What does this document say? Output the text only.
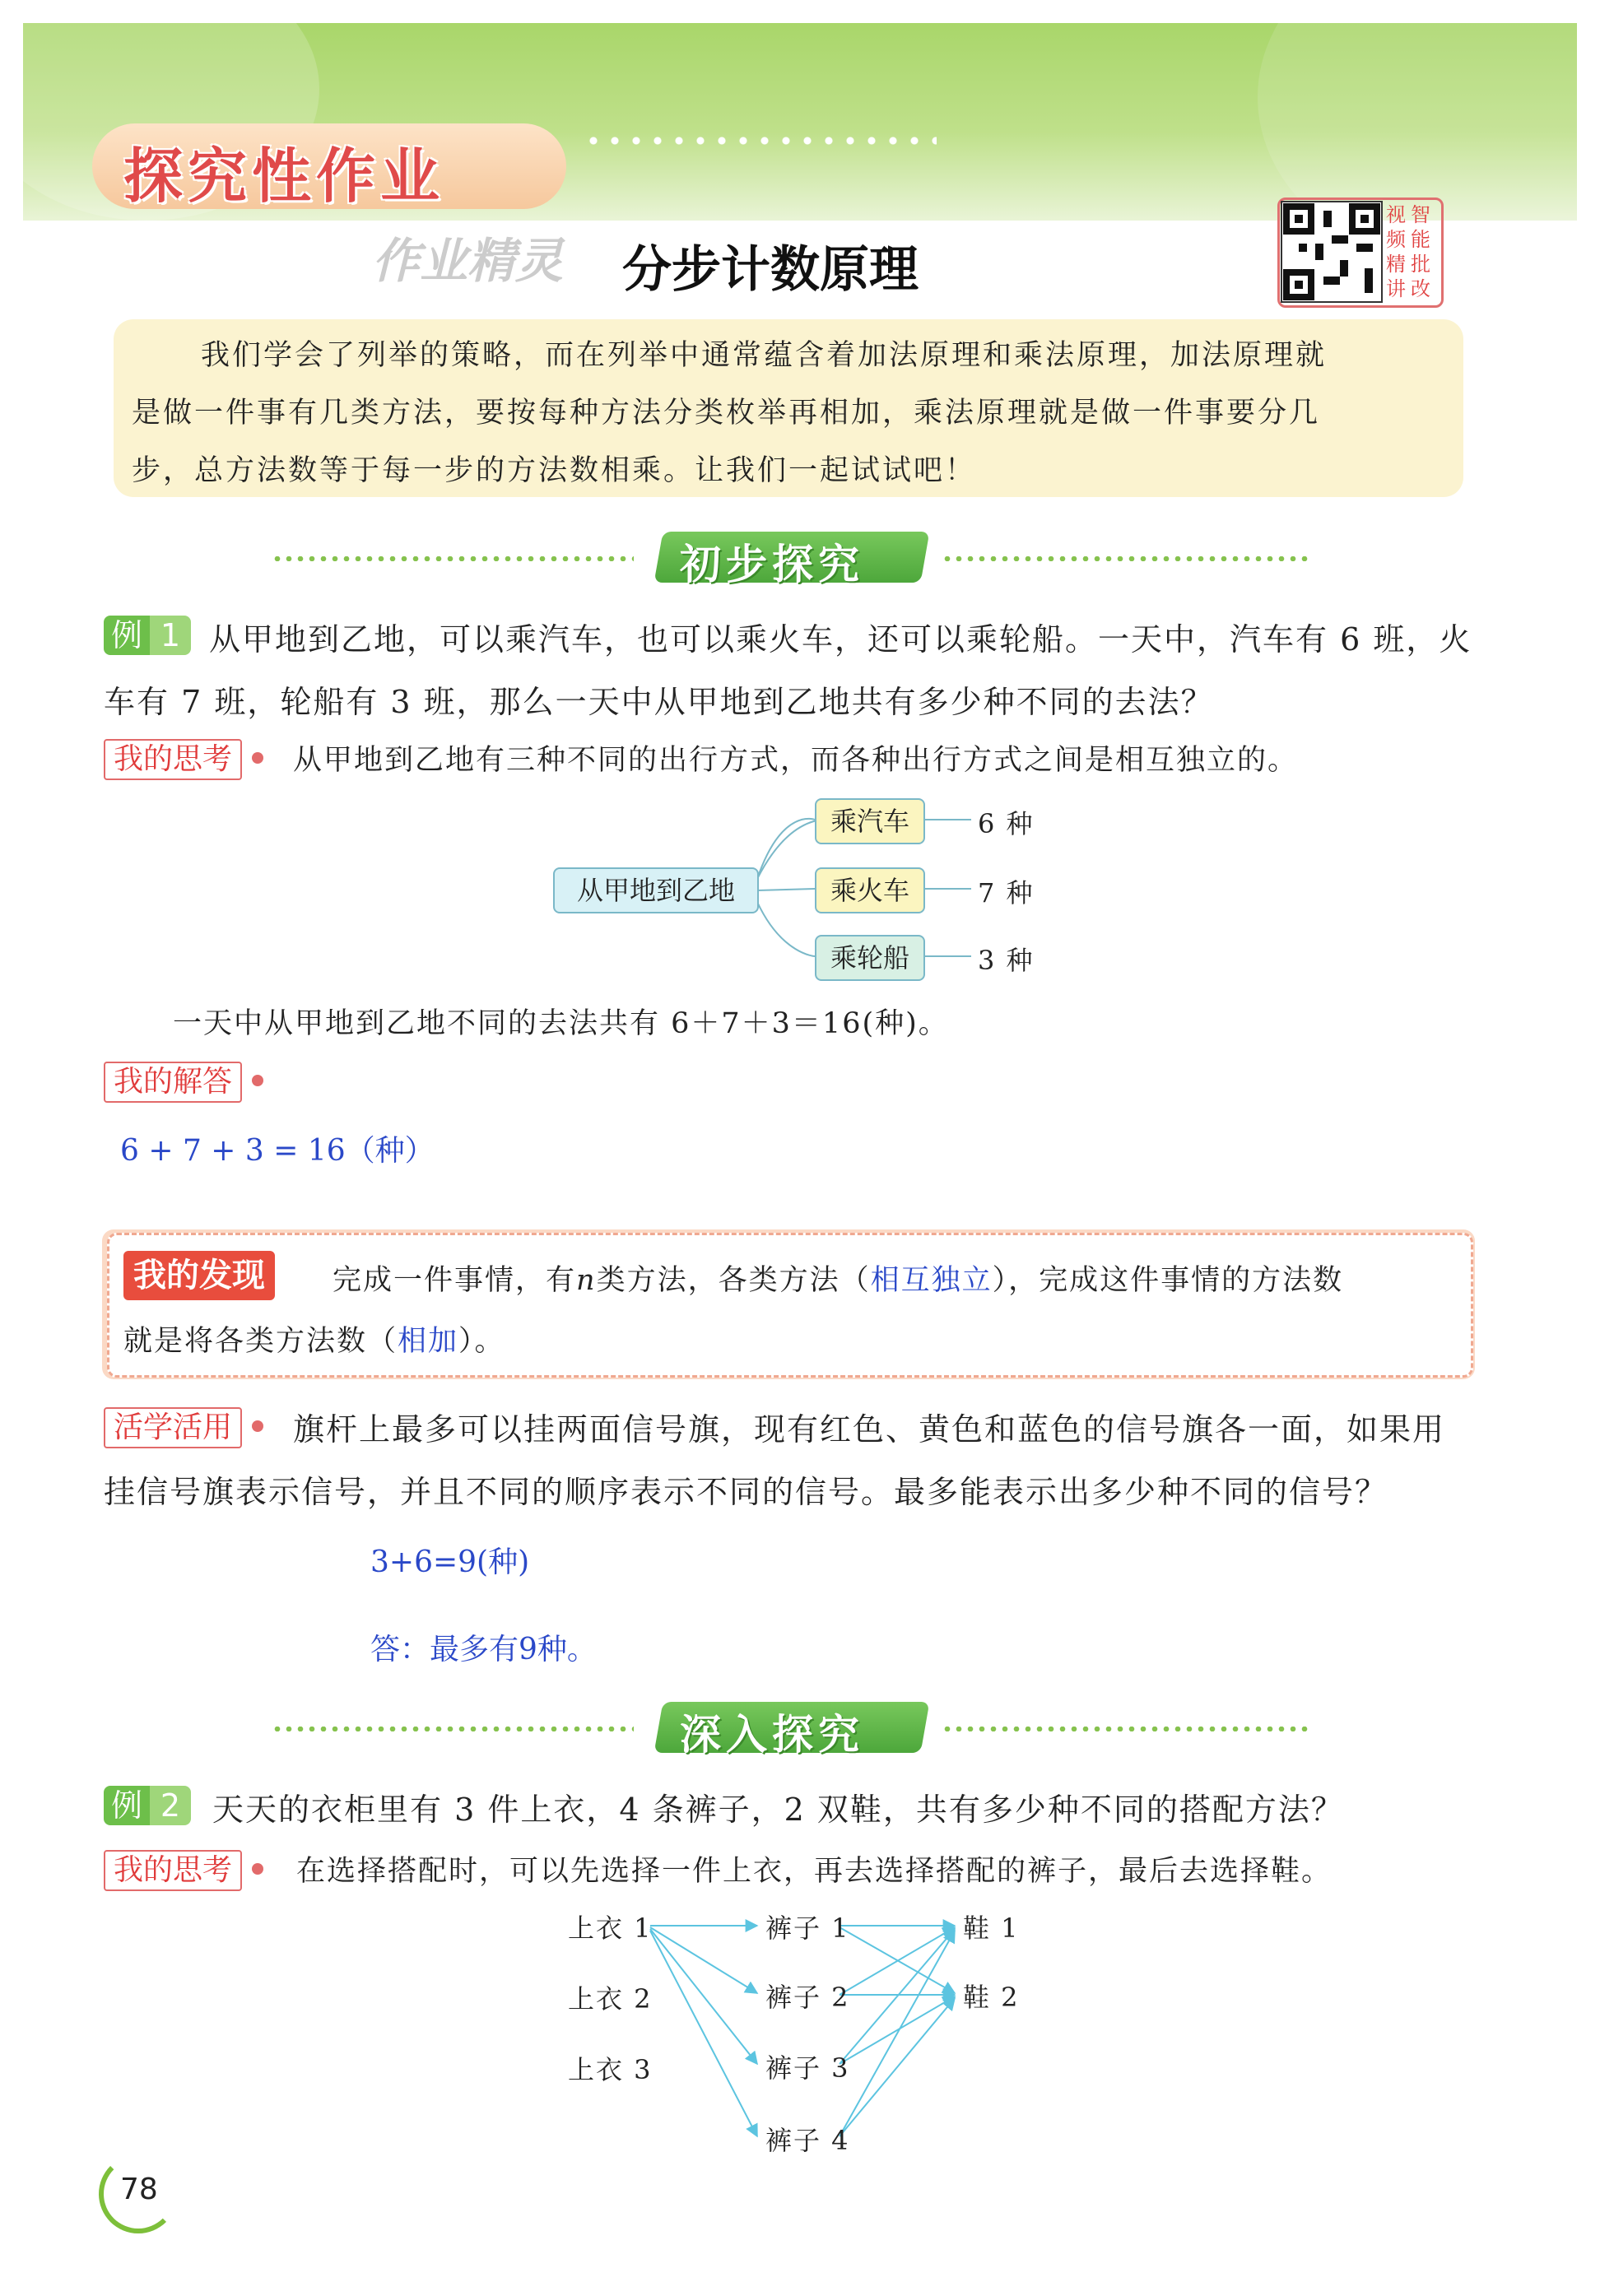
探究性作业
作业精灵 分步计数原理
视
频
精
讲
智
能
批
改
我们学会了列举的策略，而在列举中通常蕴含着加法原理和乘法原理，加法原理就
是做一件事有几类方法，要按每种方法分类枚举再相加，乘法原理就是做一件事要分几
步，总方法数等于每一步的方法数相乘。让我们一起试试吧！
初步探究
例 1 从甲地到乙地，可以乘汽车，也可以乘火车，还可以乘轮船。一天中，汽车有 6 班，火
车有 7 班，轮船有 3 班，那么一天中从甲地到乙地共有多少种不同的去法？
我的思考	从甲地到乙地有三种不同的出行方式，而各种出行方式之间是相互独立的。
从甲地到乙地
乘汽车
乘火车
乘轮船
6 种
7 种
3 种
一天中从甲地到乙地不同的去法共有 6＋7＋3＝16(种)。
我的解答
6 + 7 + 3 = 16（种）
我的发现	完成一件事情，有n类方法，各类方法（相互独立），完成这件事情的方法数
就是将各类方法数（相加）。
活学活用	旗杆上最多可以挂两面信号旗，现有红色、黄色和蓝色的信号旗各一面，如果用
挂信号旗表示信号，并且不同的顺序表示不同的信号。最多能表示出多少种不同的信号？
3+6=9(种)
答：最多有9种。
深入探究
例 2	天天的衣柜里有 3 件上衣，4 条裤子，2 双鞋，共有多少种不同的搭配方法？
我的思考	在选择搭配时，可以先选择一件上衣，再去选择搭配的裤子，最后去选择鞋。
上衣 1
上衣 2
上衣 3
裤子 1
裤子 2
裤子 3
裤子 4
鞋 1
鞋 2
78
